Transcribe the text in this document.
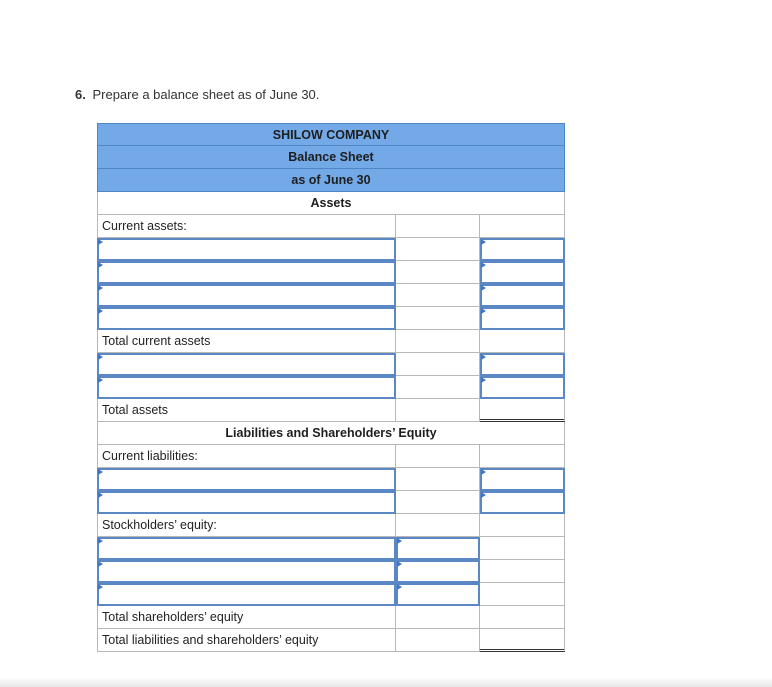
6. Prepare a balance sheet as of June 30.
SHILOW COMPANY
Balance Sheet
as of June 30
Assets
Current assets:
Total current assets
Total assets
Liabilities and Shareholders’ Equity
Current liabilities:
Stockholders’ equity:
Total shareholders’ equity
Total liabilities and shareholders’ equity
